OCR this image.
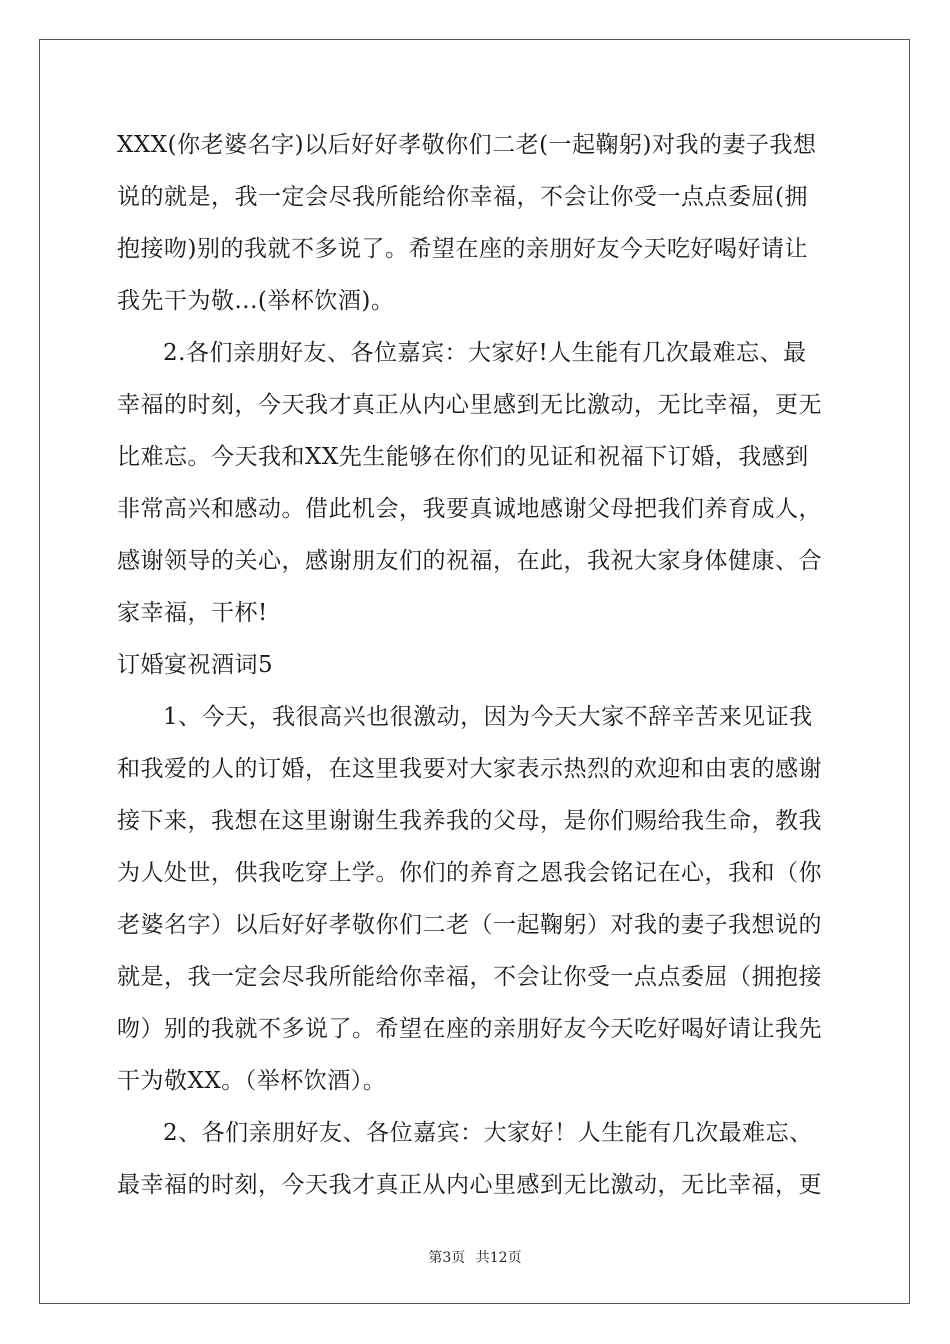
XXX(你老婆名字)以后好好孝敬你们二老(一起鞠躬)对我的妻子我想
说的就是，我一定会尽我所能给你幸福，不会让你受一点点委屈(拥
抱接吻)别的我就不多说了。希望在座的亲朋好友今天吃好喝好请让
我先干为敬...(举杯饮酒)。
2.各们亲朋好友、各位嘉宾：大家好!人生能有几次最难忘、最
幸福的时刻，今天我才真正从内心里感到无比激动，无比幸福，更无
比难忘。今天我和XX先生能够在你们的见证和祝福下订婚，我感到
非常高兴和感动。借此机会，我要真诚地感谢父母把我们养育成人，
感谢领导的关心，感谢朋友们的祝福，在此，我祝大家身体健康、合
家幸福，干杯!
订婚宴祝酒词5
1、今天，我很高兴也很激动，因为今天大家不辞辛苦来见证我
和我爱的人的订婚，在这里我要对大家表示热烈的欢迎和由衷的感谢
接下来，我想在这里谢谢生我养我的父母，是你们赐给我生命，教我
为人处世，供我吃穿上学。你们的养育之恩我会铭记在心，我和（你
老婆名字）以后好好孝敬你们二老（一起鞠躬）对我的妻子我想说的
就是，我一定会尽我所能给你幸福，不会让你受一点点委屈（拥抱接
吻）别的我就不多说了。希望在座的亲朋好友今天吃好喝好请让我先
干为敬XX。（举杯饮酒）。
2、各们亲朋好友、各位嘉宾：大家好！人生能有几次最难忘、
最幸福的时刻，今天我才真正从内心里感到无比激动，无比幸福，更
第3页 共12页
